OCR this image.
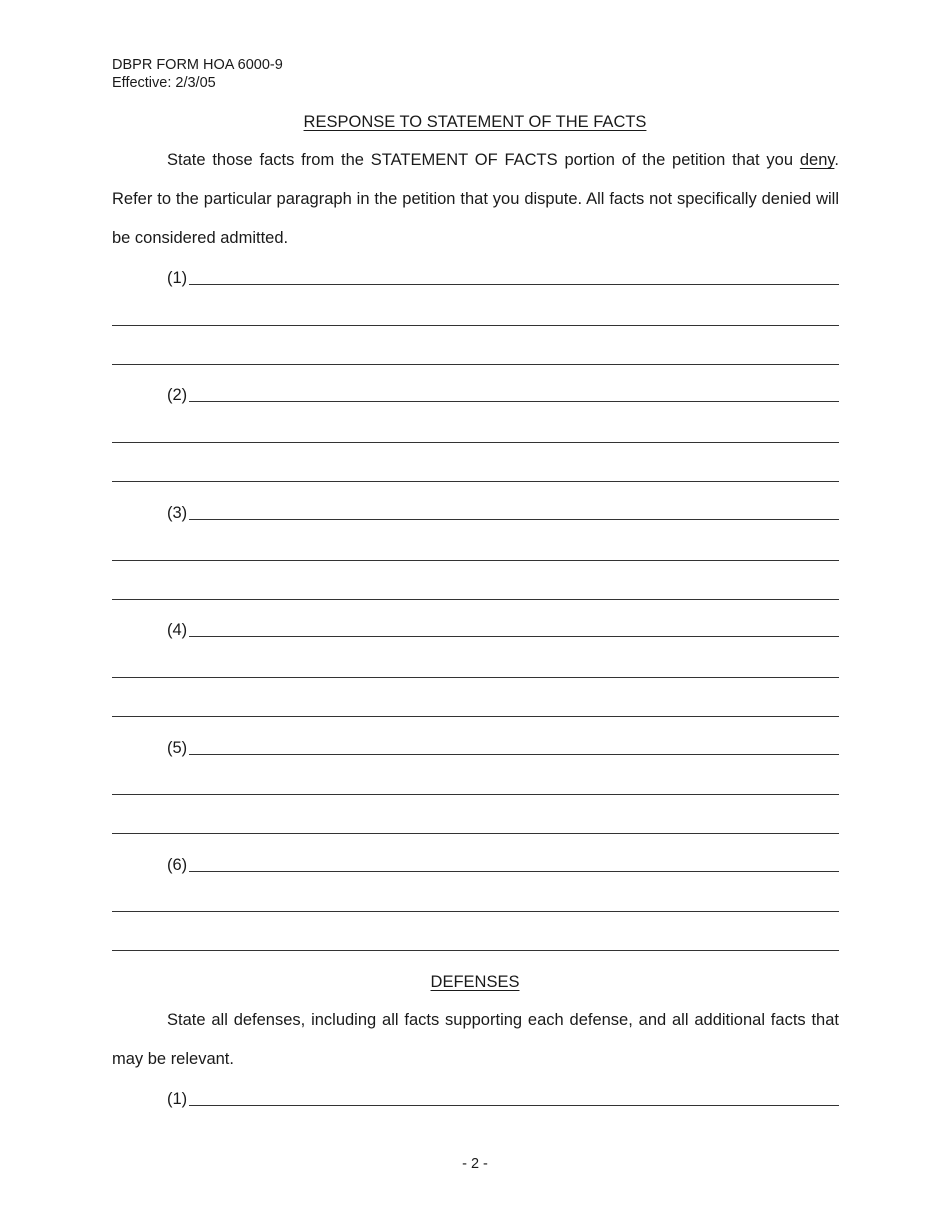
DBPR FORM HOA 6000-9
Effective: 2/3/05
RESPONSE TO STATEMENT OF THE FACTS
State those facts from the STATEMENT OF FACTS portion of the petition that you deny. Refer to the particular paragraph in the petition that you dispute. All facts not specifically denied will be considered admitted.
(1)
(2)
(3)
(4)
(5)
(6)
DEFENSES
State all defenses, including all facts supporting each defense, and all additional facts that may be relevant.
(1)
- 2 -
